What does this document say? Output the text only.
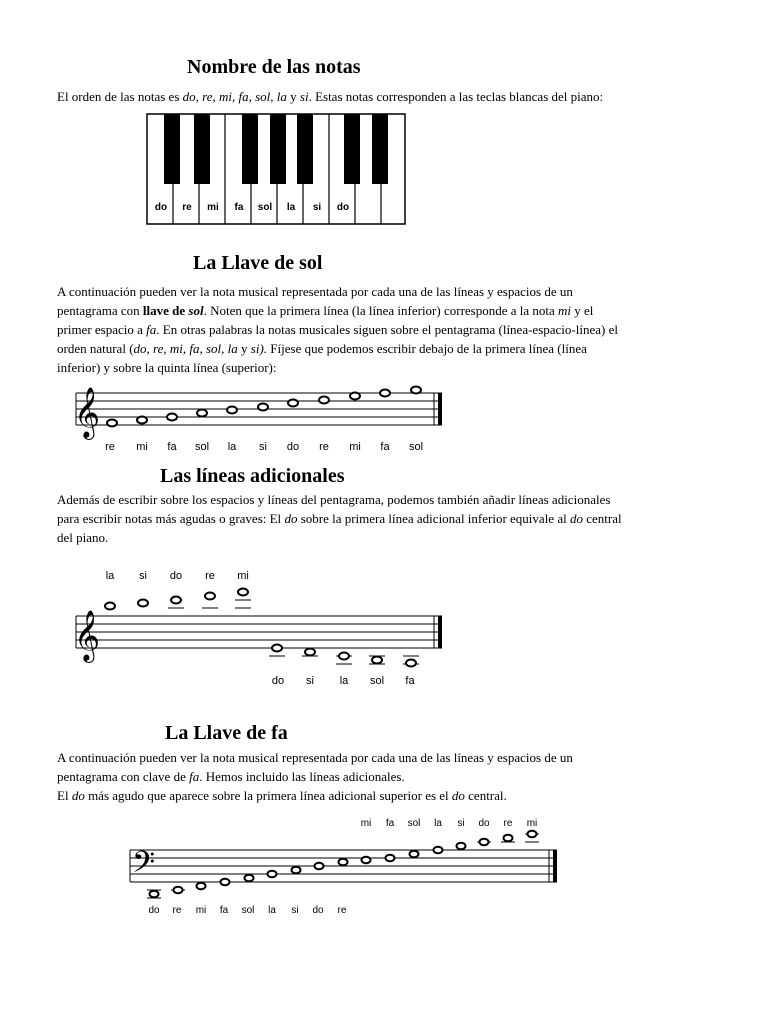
Nombre de las notas
El orden de las notas es do, re, mi, fa, sol, la y si. Estas notas corresponden a las teclas blancas del piano:
do re mi fa sol la si do
La Llave de sol
A continuación pueden ver la nota musical representada por cada una de las líneas y espacios de un
pentagrama con llave de sol. Noten que la primera línea (la línea inferior) corresponde a la nota mi y el
primer espacio a fa. En otras palabras la notas musicales siguen sobre el pentagrama (línea-espacio-línea) el
orden natural (do, re, mi, fa, sol, la y si). Fíjese que podemos escribir debajo de la primera línea (línea
inferior) y sobre la quinta línea (superior):
𝄞
re mi fa sol la si do re mi fa sol
Las líneas adicionales
Además de escribir sobre los espacios y líneas del pentagrama, podemos también añadir líneas adicionales
para escribir notas más agudas o graves: El do sobre la primera línea adicional inferior equivale al do central
del piano.
la si do re mi
𝄞
do si la sol fa
La Llave de fa
A continuación pueden ver la nota musical representada por cada una de las líneas y espacios de un
pentagrama con clave de fa. Hemos incluido las líneas adicionales.
El do más agudo que aparece sobre la primera línea adicional superior es el do central.
mi fa sol la si do re mi
𝄢
do re mi fa sol la si do re
